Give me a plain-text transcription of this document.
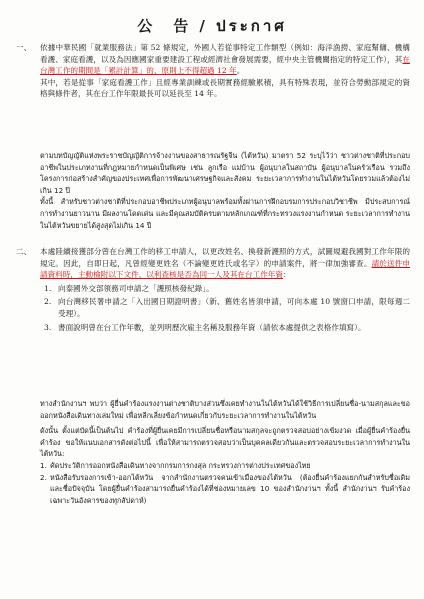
公　告 / ประกาศ
一、	依據中華民國「就業服務法」第 52 條規定，外國人若從事特定工作類型（例如：海洋漁撈、家庭幫傭、機構看護、家庭看護，以及為因應國家重要建設工程或經濟社會發展需要，經中央主管機關指定的特定工作），其在台灣工作的期間是「累計計算」的，原則上不得超過 12 年。

其中，若是從事「家庭看護工作」且經專業訓練或長期實務經驗累積，具有特殊表現，並符合勞動部規定的資格與條件者，其在台工作年限最長可以延長至 14 年。

ตามบทบัญญัติแห่งพระราชบัญญัติการจ้างงานของสาธารณรัฐจีน (ไต้หวัน) มาตรา 52 ระบุไว้ว่า ชาวต่างชาติที่ประกอบอาชีพในประเภทงานที่กฎหมายกำหนดเป็นพิเศษ เช่น ลูกเรือ แม่บ้าน ผู้อนุบาลในสถาบัน ผู้อนุบาลในครัวเรือน รวมถึงโครงการก่อสร้างสำคัญของประเทศเพื่อการพัฒนาเศรษฐกิจและสังคม ระยะเวลาการทำงานในไต้หวันโดยรวมแล้วต้องไม่เกิน 12 ปี

ทั้งนี้ สำหรับชาวต่างชาติที่ประกอบอาชีพประเภทผู้อนุบาลพร้อมทั้งผ่านการฝึกอบรมการประกอบวิชาชีพ มีประสบการณ์การทำงานยาวนาน มีผลงานโดดเด่น และมีคุณสมบัติครบตามหลักเกณฑ์ที่กระทรวงแรงงานกำหนด ระยะเวลาการทำงานในไต้หวันขยายได้สูงสุดไม่เกิน 14 ปี

二、	本處陸續接獲部分曾在台灣工作的移工申請人，以更改姓名、換發新護照的方式，試圖規避我國對工作年限的規定。因此，自即日起，凡曾經變更姓名（不論變更姓氏或名字）的申請案件，將一律加強審查。請於送件申請資料時，主動檢附以下文件，以利查核是否為同一人及其在台工作年資：

1. 向泰國外交部領務司申請之「護照核發紀錄」。
2. 向台灣移民署申請之「入出國日期證明書」（新、舊姓名皆須申請，可向本處 10 號窗口申請，限每週二受理）。
3. 書面說明曾在台工作年數，並列明歷次雇主名稱及服務年資（請依本處提供之表格作填寫）。

ทางสำนักงานฯ พบว่า ผู้ยื่นคำร้องแรงงานต่างชาติบางส่วนซึ่งเคยทำงานในไต้หวันได้ใช้วิธีการเปลี่ยนชื่อ-นามสกุลและขอออกหนังสือเดินทางเล่มใหม่ เพื่อหลีกเลี่ยงข้อกำหนดเกี่ยวกับระยะเวลาการทำงานในไต้หวัน

ดังนั้น ตั้งแต่บัดนี้เป็นต้นไป คำร้องที่ผู้ยื่นเคยมีการเปลี่ยนชื่อหรือนามสกุลจะถูกตรวจสอบอย่างเข้มงวด เมื่อผู้ยื่นคำร้องยื่นคำร้อง ขอให้แนบเอกสารดังต่อไปนี้ เพื่อให้สามารถตรวจสอบว่าเป็นบุคคลเดียวกันและตรวจสอบระยะเวลาการทำงานในไต้หวัน:

1. คัดประวัติการออกหนังสือเดินทางจากกรมการกงสุล กระทรวงการต่างประเทศของไทย
2. หนังสือรับรองการเข้า-ออกไต้หวัน จากสำนักงานตรวจคนเข้าเมืองของไต้หวัน (ต้องยื่นคำร้องแยกกันสำหรับชื่อเดิมและชื่อปัจจุบัน โดยผู้ยื่นคำร้องสามารถยื่นคำร้องได้ที่ช่องหมายเลข 10 ของสำนักงานฯ ทั้งนี้ สำนักงานฯ รับคำร้องเฉพาะวันอังคารของทุกสัปดาห์)
